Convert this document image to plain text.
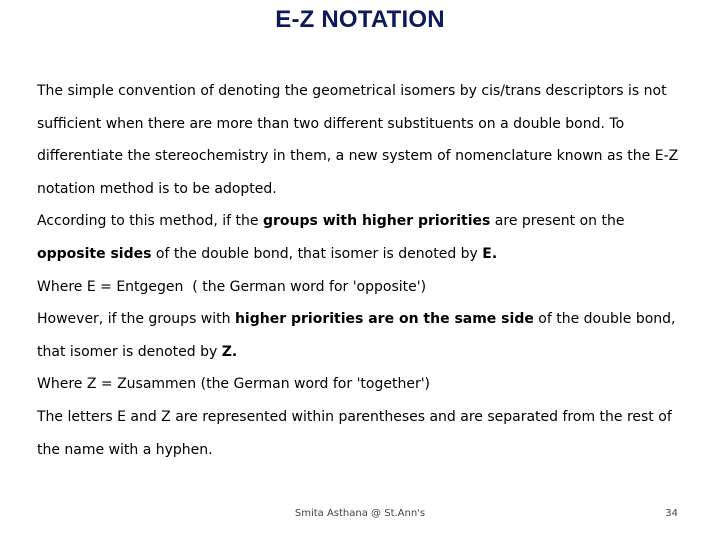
E-Z NOTATION

The simple convention of denoting the geometrical isomers by cis/trans descriptors is not sufficient when there are more than two different substituents on a double bond. To differentiate the stereochemistry in them, a new system of nomenclature known as the E-Z notation method is to be adopted.

According to this method, if the groups with higher priorities are present on the opposite sides of the double bond, that isomer is denoted by E.

Where E = Entgegen  ( the German word for 'opposite')

However, if the groups with higher priorities are on the same side of the double bond, that isomer is denoted by Z.

Where Z = Zusammen (the German word for 'together')

The letters E and Z are represented within parentheses and are separated from the rest of the name with a hyphen.

Smita Asthana @ St.Ann's	34
